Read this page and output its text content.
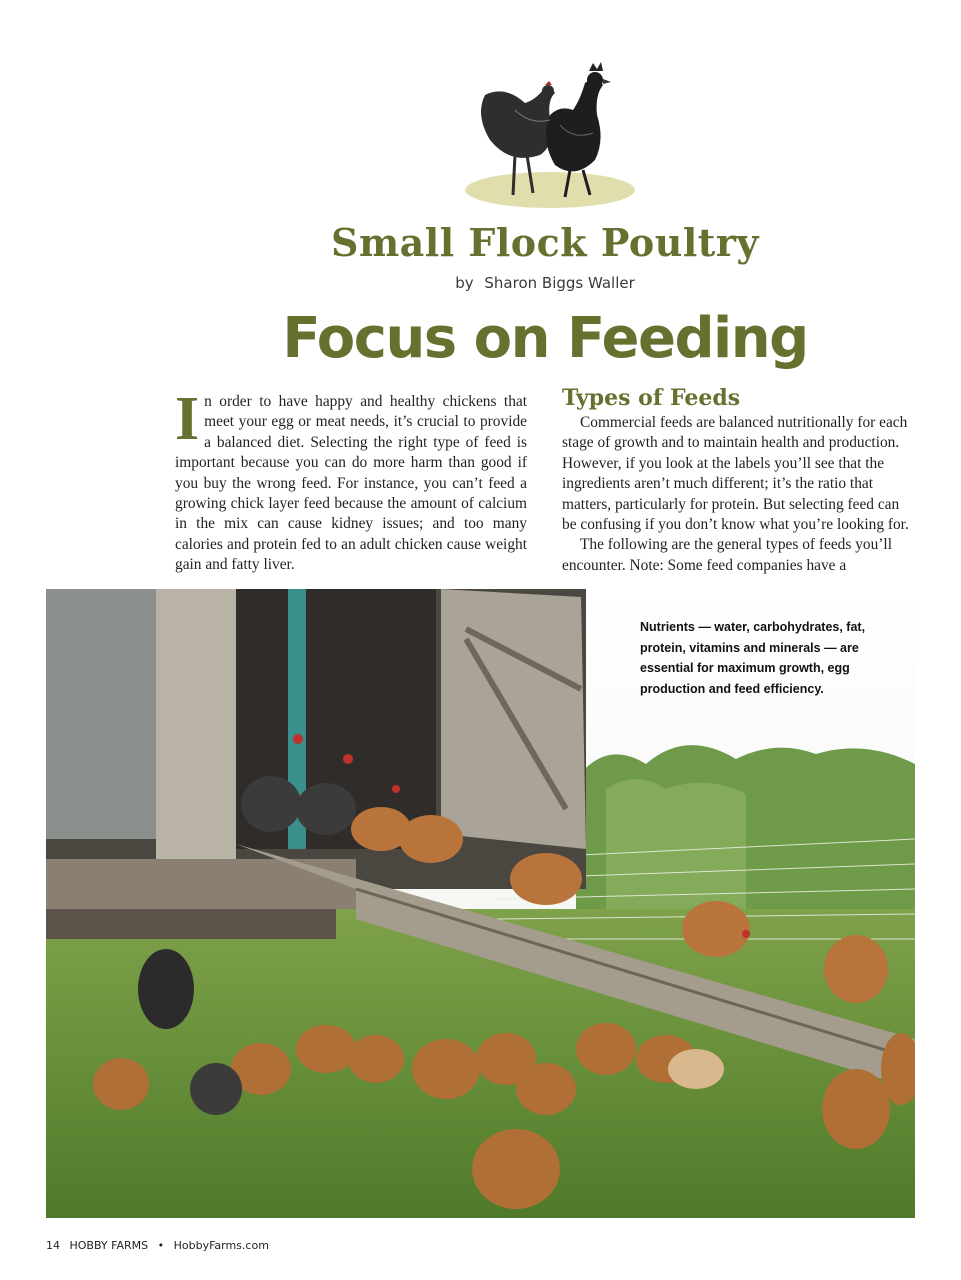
Small Flock Poultry
by Sharon Biggs Waller
Focus on Feeding
I n order to have happy and healthy chickens that meet your egg or meat needs, it’s crucial to provide a balanced diet. Selecting the right type of feed is important because you can do more harm than good if you buy the wrong feed. For instance, you can’t feed a growing chick layer feed because the amount of calcium in the mix can cause kidney issues; and too many calories and protein fed to an adult chicken cause weight gain and fatty liver.

Types of Feeds

Commercial feeds are balanced nutritionally for each stage of growth and to maintain health and production. However, if you look at the labels you’ll see that the ingredients aren’t much different; it’s the ratio that matters, particularly for protein. But selecting feed can be confusing if you don’t know what you’re looking for.

The following are the general types of feeds you’ll encounter. Note: Some feed companies have a

Nutrients — water, carbohydrates, fat, protein, vitamins and minerals — are essential for maximum growth, egg production and feed efficiency.
14 HOBBY FARMS • HobbyFarms.com
